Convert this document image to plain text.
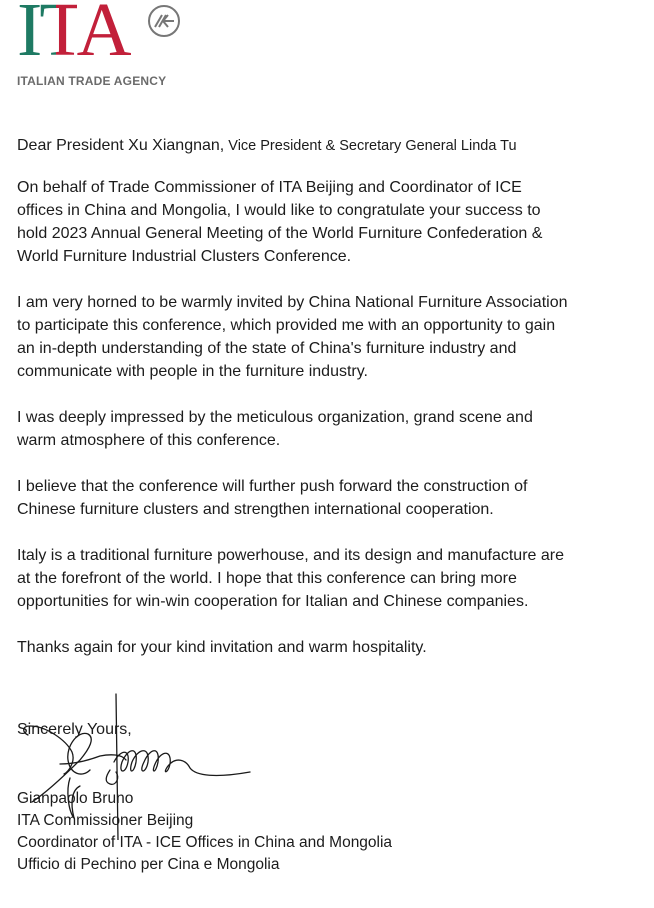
ITA
ITALIAN TRADE AGENCY
Dear President Xu Xiangnan, Vice President & Secretary General Linda Tu
On behalf of Trade Commissioner of ITA Beijing and Coordinator of ICE
offices in China and Mongolia, I would like to congratulate your success to
hold 2023 Annual General Meeting of the World Furniture Confederation &
World Furniture Industrial Clusters Conference.
I am very horned to be warmly invited by China National Furniture Association
to participate this conference, which provided me with an opportunity to gain
an in-depth understanding of the state of China's furniture industry and
communicate with people in the furniture industry.
I was deeply impressed by the meticulous organization, grand scene and
warm atmosphere of this conference.
I believe that the conference will further push forward the construction of
Chinese furniture clusters and strengthen international cooperation.
Italy is a traditional furniture powerhouse, and its design and manufacture are
at the forefront of the world. I hope that this conference can bring more
opportunities for win-win cooperation for Italian and Chinese companies.
Thanks again for your kind invitation and warm hospitality.
Sincerely Yours,
Gianpaolo Bruno
ITA Commissioner Beijing
Coordinator of ITA - ICE Offices in China and Mongolia
Ufficio di Pechino per Cina e Mongolia
